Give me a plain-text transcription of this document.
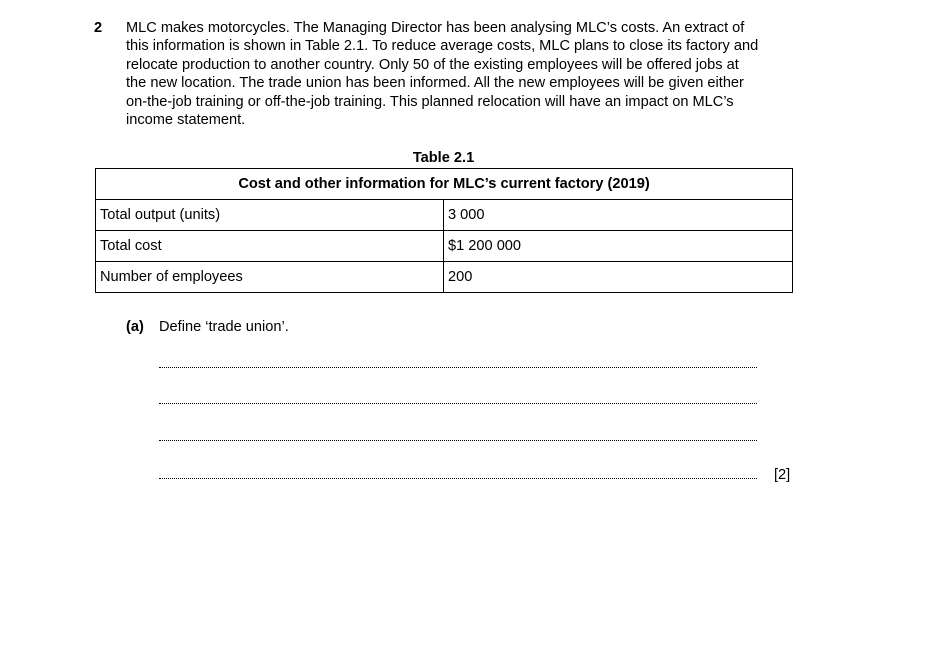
2 MLC makes motorcycles. The Managing Director has been analysing MLC’s costs. An extract of
this information is shown in Table 2.1. To reduce average costs, MLC plans to close its factory and
relocate production to another country. Only 50 of the existing employees will be offered jobs at
the new location. The trade union has been informed. All the new employees will be given either
on-the-job training or off-the-job training. This planned relocation will have an impact on MLC’s
income statement.
Table 2.1
Cost and other information for MLC’s current factory (2019)	
Total output (units)	3 000
Total cost	$1 200 000
Number of employees	200
(a) Define ‘trade union’.
[2]
